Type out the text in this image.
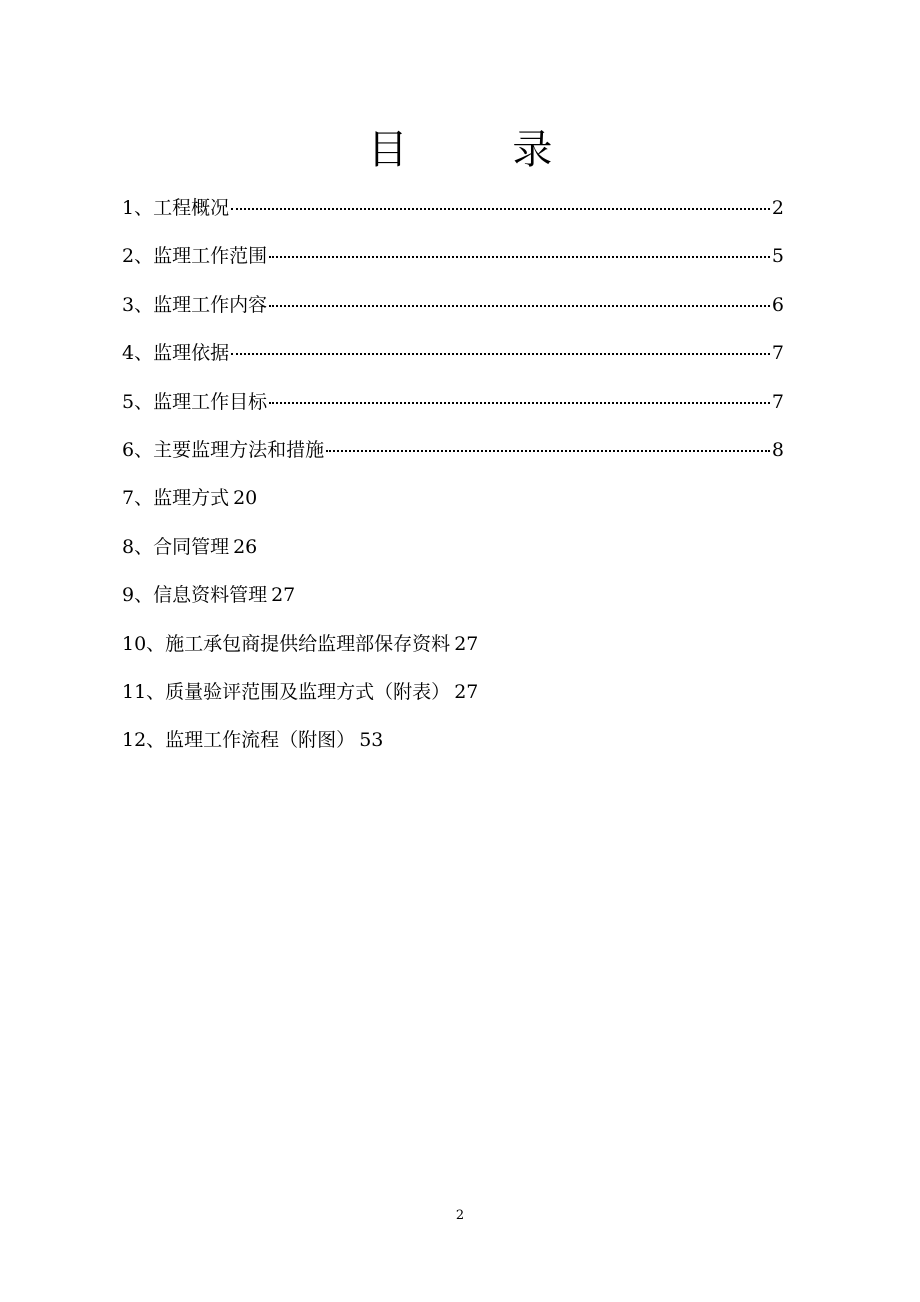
目 录
1、工程概况	2
2、监理工作范围	5
3、监理工作内容	6
4、监理依据	7
5、监理工作目标	7
6、主要监理方法和措施	8
7、监理方式 20
8、合同管理 26
9、信息资料管理 27
10、施工承包商提供给监理部保存资料 27
11、质量验评范围及监理方式（附表） 27
12、监理工作流程（附图） 53
2
